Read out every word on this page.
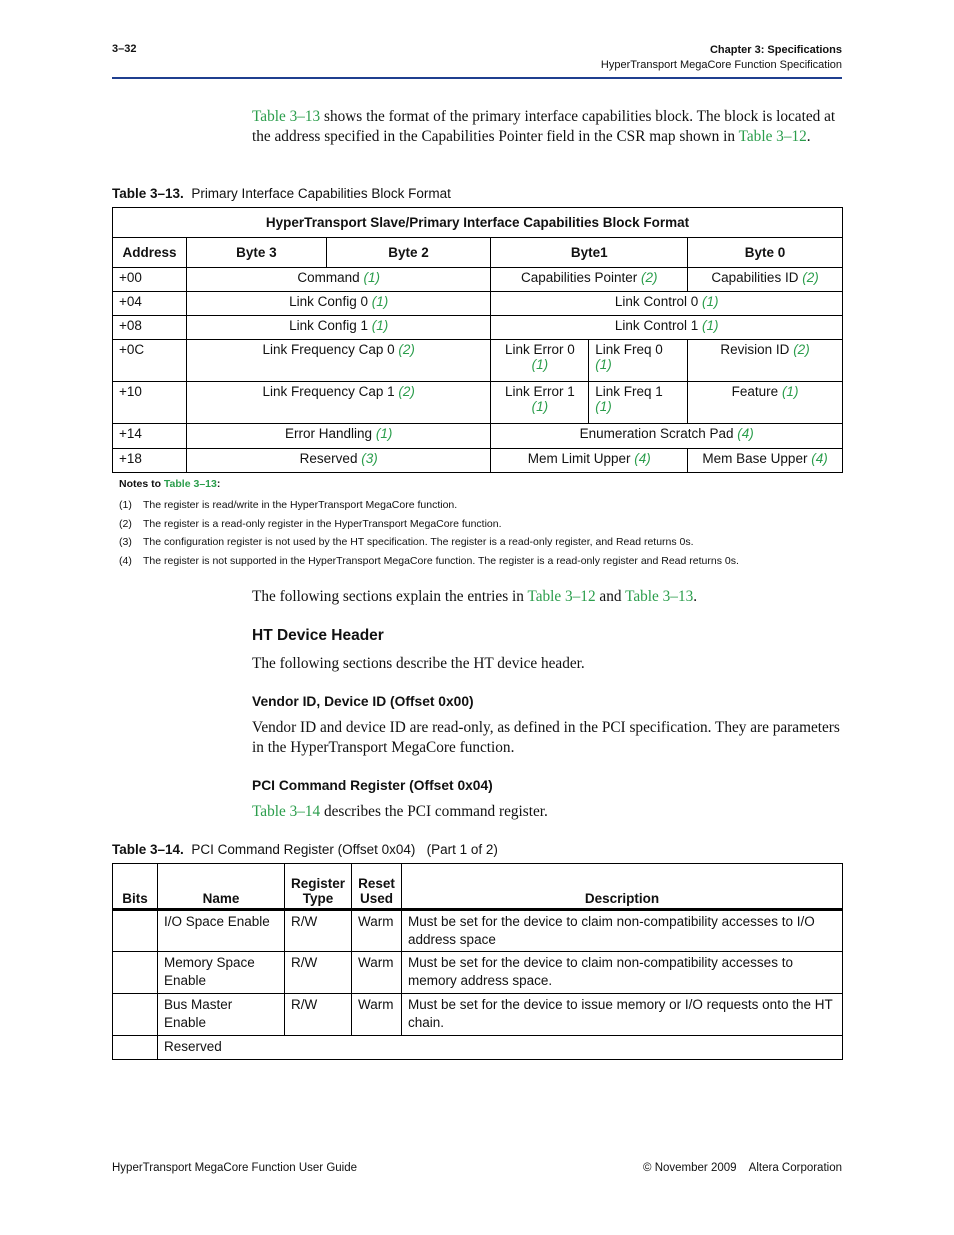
3–32	Chapter 3: Specifications
HyperTransport MegaCore Function Specification
Table 3–13 shows the format of the primary interface capabilities block. The block is located at the address specified in the Capabilities Pointer field in the CSR map shown in Table 3–12.
Table 3–13. Primary Interface Capabilities Block Format
HyperTransport Slave/Primary Interface Capabilities Block Format					
Address	Byte 3	Byte 2	Byte1		Byte 0
+00	Command (1)		Capabilities Pointer (2)		Capabilities ID (2)
+04	Link Config 0 (1)		Link Control 0 (1)		
+08	Link Config 1 (1)		Link Control 1 (1)		
+0C	Link Frequency Cap 0 (2)		Link Error 0 (1)	Link Freq 0 (1)	Revision ID (2)
+10	Link Frequency Cap 1 (2)		Link Error 1 (1)	Link Freq 1 (1)	Feature (1)
+14	Error Handling (1)		Enumeration Scratch Pad (4)		
+18	Reserved (3)		Mem Limit Upper (4)		Mem Base Upper (4)
Notes to Table 3–13:
(1) The register is read/write in the HyperTransport MegaCore function.
(2) The register is a read-only register in the HyperTransport MegaCore function.
(3) The configuration register is not used by the HT specification. The register is a read-only register, and Read returns 0s.
(4) The register is not supported in the HyperTransport MegaCore function. The register is a read-only register and Read returns 0s.
The following sections explain the entries in Table 3–12 and Table 3–13.
HT Device Header
The following sections describe the HT device header.
Vendor ID, Device ID (Offset 0x00)
Vendor ID and device ID are read-only, as defined in the PCI specification. They are parameters in the HyperTransport MegaCore function.
PCI Command Register (Offset 0x04)
Table 3–14 describes the PCI command register.
Table 3–14. PCI Command Register (Offset 0x04)   (Part 1 of 2)
Bits	Name	Register Type	Reset Used	Description
	I/O Space Enable	R/W	Warm	Must be set for the device to claim non-compatibility accesses to I/O address space
	Memory Space Enable	R/W	Warm	Must be set for the device to claim non-compatibility accesses to memory address space.
	Bus Master Enable	R/W	Warm	Must be set for the device to issue memory or I/O requests onto the HT chain.
	Reserved			
HyperTransport MegaCore Function User Guide	© November 2009    Altera Corporation
